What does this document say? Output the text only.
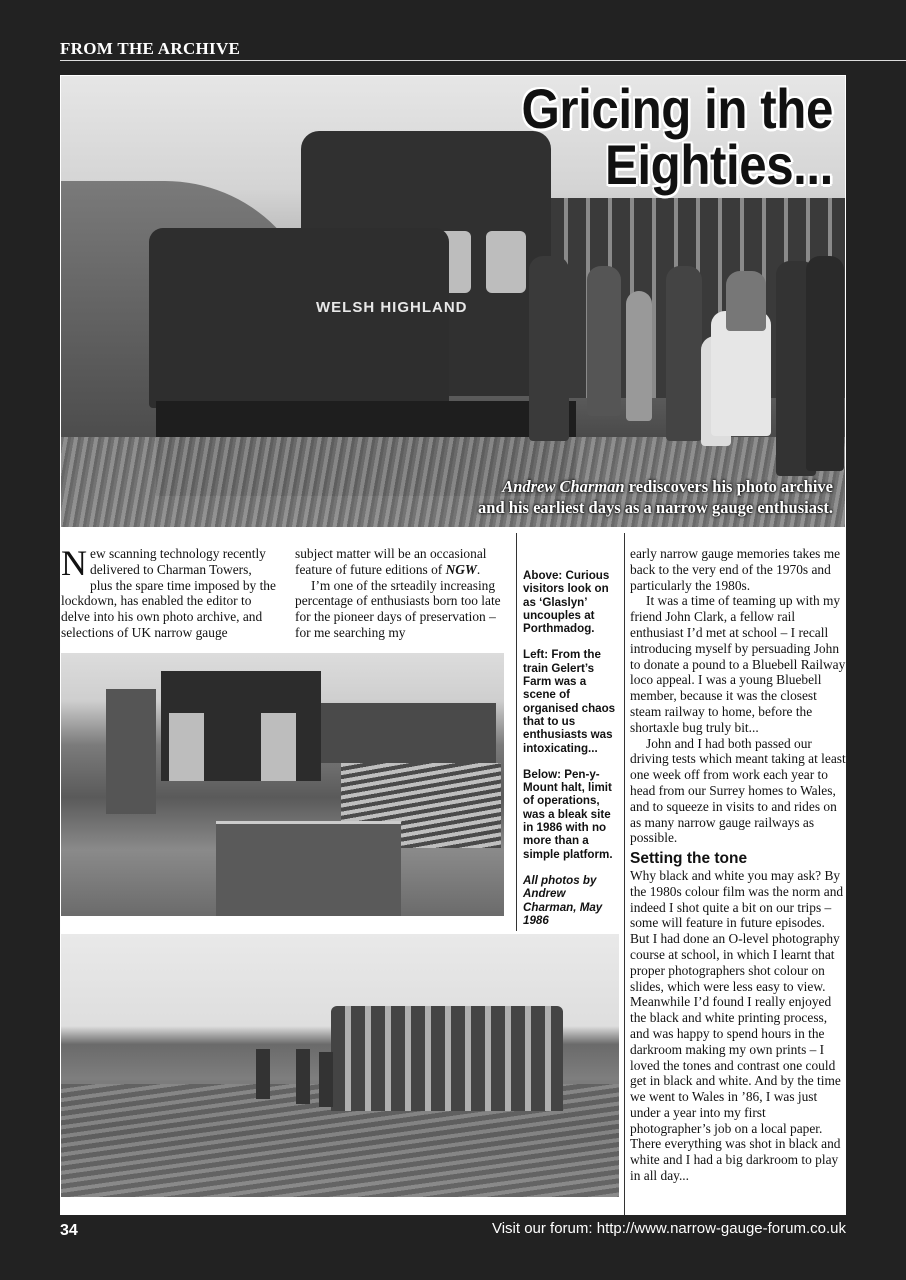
FROM THE ARCHIVE
WELSH HIGHLAND
Gricing in the
Eighties...
Andrew Charman rediscovers his photo archive
and his earliest days as a narrow gauge enthusiast.

New scanning technology recently delivered to Charman Towers, plus the spare time imposed by the lockdown, has enabled the editor to delve into his own photo archive, and selections of UK narrow gauge

subject matter will be an occasional feature of future editions of NGW.

I’m one of the srteadily increasing percentage of enthusiasts born too late for the pioneer days of preservation – for me searching my

Above: Curious visitors look on as ‘Glaslyn’ uncouples at Porthmadog.

Left: From the train Gelert’s Farm was a scene of organised chaos that to us enthusiasts was intoxicating...

Below: Pen-y-Mount halt, limit of operations, was a bleak site in 1986 with no more than a simple platform.

All photos by Andrew Charman, May 1986

early narrow gauge memories takes me back to the very end of the 1970s and particularly the 1980s.

It was a time of teaming up with my friend John Clark, a fellow rail enthusiast I’d met at school – I recall introducing myself by persuading John to donate a pound to a Bluebell Railway loco appeal. I was a young Bluebell member, because it was the closest steam railway to home, before the shortaxle bug truly bit...

John and I had both passed our driving tests which meant taking at least one week off from work each year to head from our Surrey homes to Wales, and to squeeze in visits to and rides on as many narrow gauge railways as possible.

Setting the tone

Why black and white you may ask? By the 1980s colour film was the norm and indeed I shot quite a bit on our trips – some will feature in future episodes. But I had done an O-level photography course at school, in which I learnt that proper photographers shot colour on slides, which were less easy to view. Meanwhile I’d found I really enjoyed the black and white printing process, and was happy to spend hours in the darkroom making my own prints – I loved the tones and contrast one could get in black and white. And by the time we went to Wales in ’86, I was just under a year into my first photographer’s job on a local paper. There everything was shot in black and white and I had a big darkroom to play in all day...

34	Visit our forum: http://www.narrow-gauge-forum.co.uk
